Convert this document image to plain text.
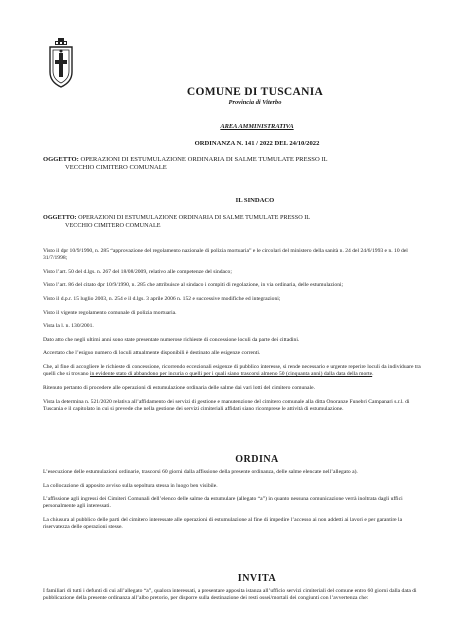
COMUNE DI TUSCANIA
Provincia di Viterbo
AREA AMMINISTRATIVA
ORDINANZA N. 141 / 2022 DEL 24/10/2022
OGGETTO: OPERAZIONI DI ESTUMULAZIONE ORDINARIA DI SALME TUMULATE PRESSO IL
VECCHIO CIMITERO COMUNALE
IL SINDACO
OGGETTO: OPERAZIONI DI ESTUMULAZIONE ORDINARIA DI SALME TUMULATE PRESSO IL
VECCHIO CIMITERO COMUNALE

Visto il dpr 10/9/1990, n. 285 “approvazione del regolamento nazionale di polizia mortuaria” e le circolari del ministero della sanità n. 24 del 24/6/1993 e n. 10 del 31/7/1998;

Visto l’art. 50 del d.lgs. n. 267 del 18/08/2009, relativo alle competenze del sindaco;

Visto l’art. 86 del citato dpr 10/9/1990, n. 285 che attribuisce al sindaco i compiti di regolazione, in via ordinaria, delle estumulazioni;

Visto il d.p.r. 15 luglio 2003, n. 254 e il d.lgs. 3 aprile 2006 n. 152 e successive modifiche ed integrazioni;

Visto il vigente regolamento comunale di polizia mortuaria.

Vista la l. n. 130/2001.

Dato atto che negli ultimi anni sono state presentate numerose richieste di concessione loculi da parte dei cittadini.

Accertato che l’esiguo numero di loculi attualmente disponibili è destinato alle esigenze correnti.

Che, al fine di accogliere le richieste di concessione, ricorrendo eccezionali esigenze di pubblico interesse, si rende necessario e urgente reperire loculi da individuare tra quelli che si trovano in evidente stato di abbandono per incuria o quelli per i quali siano trascorsi almeno 50 (cinquanta anni) dalla data della morte.

Ritenuto pertanto di procedere alle operazioni di estumulazione ordinaria delle salme dai vari lotti del cimitero comunale.

Vista la determina n. 521/2020 relativa all’affidamento dei servizi di gestione e manutenzione del cimitero comunale alla ditta Onoranze Funebri Campanari s.r.l. di Tuscania e il capitolato in cui si prevede che nella gestione dei servizi cimiteriali affidati siano ricomprese le attività di estumulazione.

ORDINA

L’esecuzione delle estumulazioni ordinarie, trascorsi 60 giorni dalla affissione della presente ordinanza, delle salme elencate nell’allegato a).

La collocazione di apposito avviso sulla sepoltura stessa in luogo ben visibile.

L’affissione agli ingressi dei Cimiteri Comunali dell’elenco delle salme da estumulare (allegato “a”) in quanto nessuna comunicazione verrà inoltrata dagli uffici personalmente agli interessati.

La chiusura al pubblico delle parti del cimitero interessate alle operazioni di estumulazione al fine di impedire l’accesso ai non addetti ai lavori e per garantire la riservatezza delle operazioni stesse.

INVITA

I familiari di tutti i defunti di cui all’allegato “a”, qualora interessati, a presentare apposita istanza all’ufficio servizi cimiteriali del comune entro 60 giorni dalla data di pubblicazione della presente ordinanza all’albo pretorio, per disporre sulla destinazione dei resti ossei/mortali dei congiunti con l’avvertenza che:
